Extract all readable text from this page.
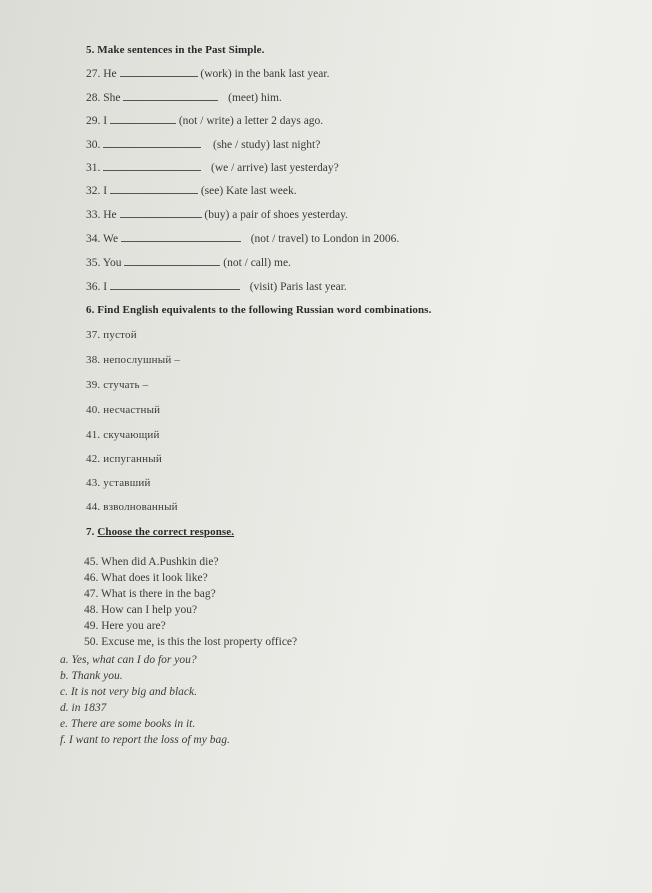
5. Make sentences in the Past Simple.
27. He	(work) in the bank last year.
28. She	(meet) him.
29. I	(not / write) a letter 2 days ago.
30.	(she / study) last night?
31.	(we / arrive) last yesterday?
32. I	(see) Kate last week.
33. He	(buy) a pair of shoes yesterday.
34. We	(not / travel) to London in 2006.
35. You	(not / call) me.
36. I	(visit) Paris last year.
6. Find English equivalents to the following Russian word combinations.
37. пустой
38. непослушный –
39. стучать –
40. несчастный
41. скучающий
42. испуганный
43. уставший
44. взволнованный
7. Choose the correct response.
45. When did A.Pushkin die?
46. What does it look like?
47. What is there in the bag?
48. How can I help you?
49. Here you are?
50. Excuse me, is this the lost property office?
a. Yes, what can I do for you?
b. Thank you.
c. It is not very big and black.
d. in 1837
e. There are some books in it.
f. I want to report the loss of my bag.
